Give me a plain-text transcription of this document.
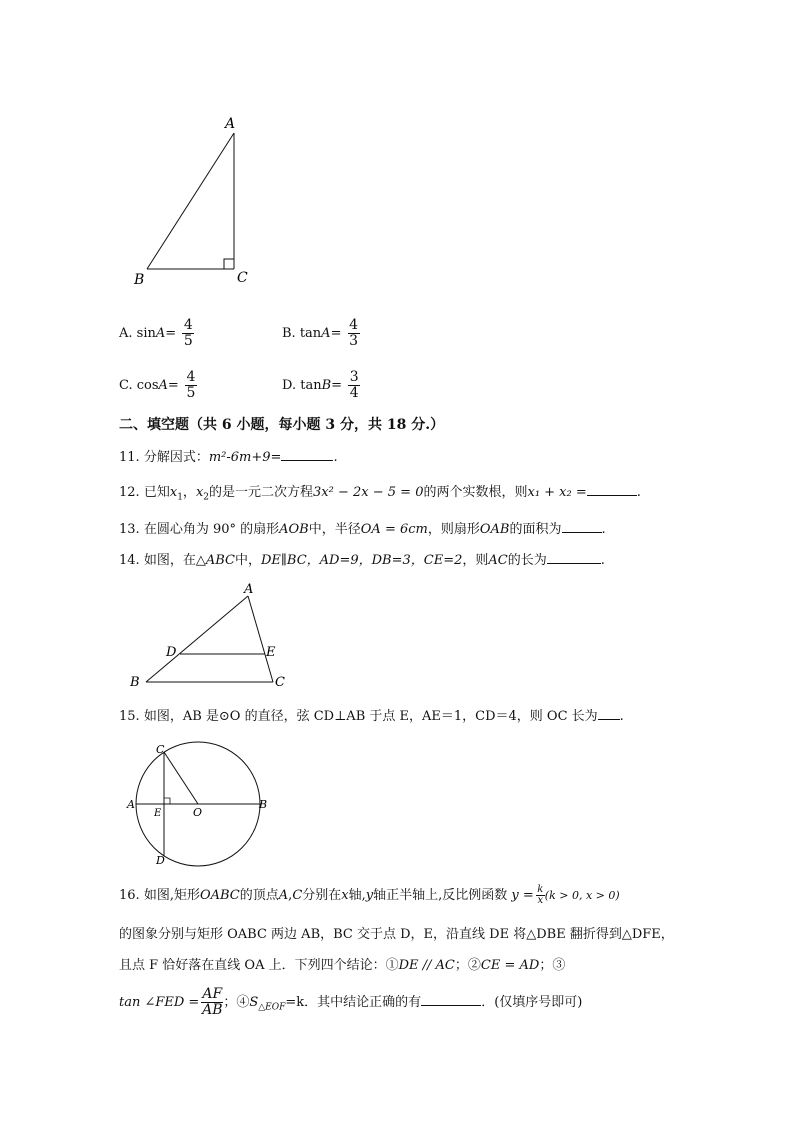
A
B	C
A. $\sin A= \frac{4}{5}$	B. $\tan A= \frac{4}{3}$
C. $\cos A= \frac{4}{5}$	D. $\tan B= \frac{3}{4}$
二、填空题（共 6 小题，每小题 3 分，共 18 分.）
11. 分解因式：m²-6m+9=	.
12. 已知$x_1$，$x_2$的是一元二次方程3x² − 2x − 5 = 0的两个实数根，则x₁ + x₂ =	.
13. 在圆心角为 90° 的扇形AOB中，半径OA = 6cm，则扇形OAB的面积为	.
14. 如图，在△ABC中，DE∥BC，AD=9，DB=3，CE=2，则AC的长为	.
A
B	C
D	E
15. 如图，AB 是⊙O 的直径，弦 CD⊥AB 于点 E，AE＝1，CD＝4，则 OC 长为 .
A	B
C
D
E	O
16. 如图,矩形OABC的顶点A,C分别在x轴,y轴正半轴上,反比例函数 $y = \frac{k}{x} (k > 0$, x > 0)
的图象分别与矩形 OABC 两边 AB，BC 交于点 D，E，沿直线 DE 将△DBE 翻折得到△DFE，
且点 F 恰好落在直线 OA 上．下列四个结论：①DE // AC；②CE = AD；③
tan ∠FED = $\frac{AF}{AB}$ ；$④S_{\triangle EOF}=k$．其中结论正确的有	．(仅填序号即可)
